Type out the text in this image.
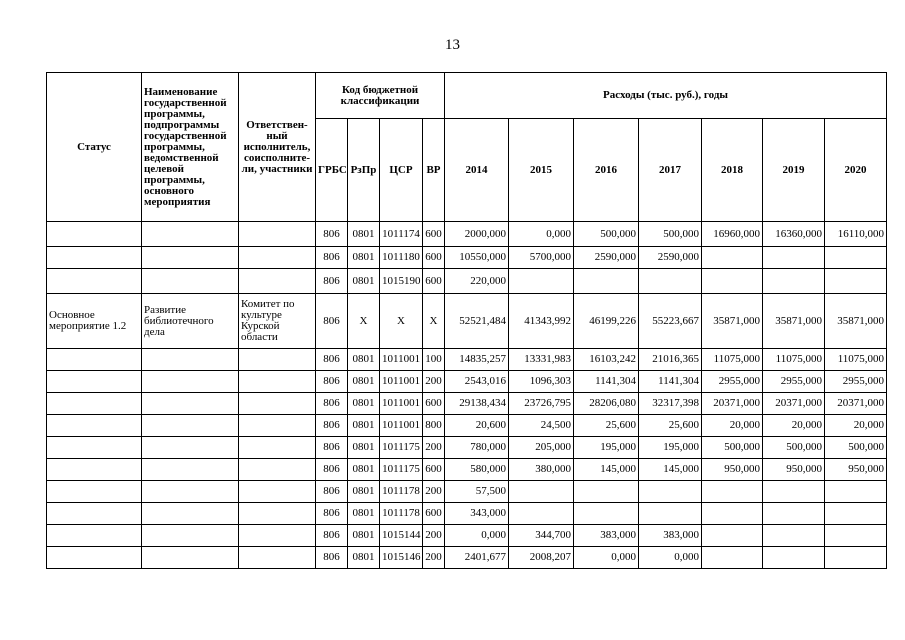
13
Статус	Наименование государственной программы, подпрограммы государственной программы, ведомственной целевой программы, основного мероприятия	Ответствен-ный исполнитель, соисполните-ли, участники	Код бюджетной классификации				Расходы (тыс. руб.), годы						
			ГРБС	РзПр	ЦСР	ВР	2014	2015	2016	2017	2018	2019	2020
			806	0801	1011174	600	2000,000	0,000	500,000	500,000	16960,000	16360,000	16110,000
			806	0801	1011180	600	10550,000	5700,000	2590,000	2590,000			
			806	0801	1015190	600	220,000						
Основное мероприятие 1.2	Развитие библиотечного дела	Комитет по культуре Курской области	806	Х	Х	Х	52521,484	41343,992	46199,226	55223,667	35871,000	35871,000	35871,000
			806	0801	1011001	100	14835,257	13331,983	16103,242	21016,365	11075,000	11075,000	11075,000
			806	0801	1011001	200	2543,016	1096,303	1141,304	1141,304	2955,000	2955,000	2955,000
			806	0801	1011001	600	29138,434	23726,795	28206,080	32317,398	20371,000	20371,000	20371,000
			806	0801	1011001	800	20,600	24,500	25,600	25,600	20,000	20,000	20,000
			806	0801	1011175	200	780,000	205,000	195,000	195,000	500,000	500,000	500,000
			806	0801	1011175	600	580,000	380,000	145,000	145,000	950,000	950,000	950,000
			806	0801	1011178	200	57,500						
			806	0801	1011178	600	343,000						
			806	0801	1015144	200	0,000	344,700	383,000	383,000			
			806	0801	1015146	200	2401,677	2008,207	0,000	0,000			
